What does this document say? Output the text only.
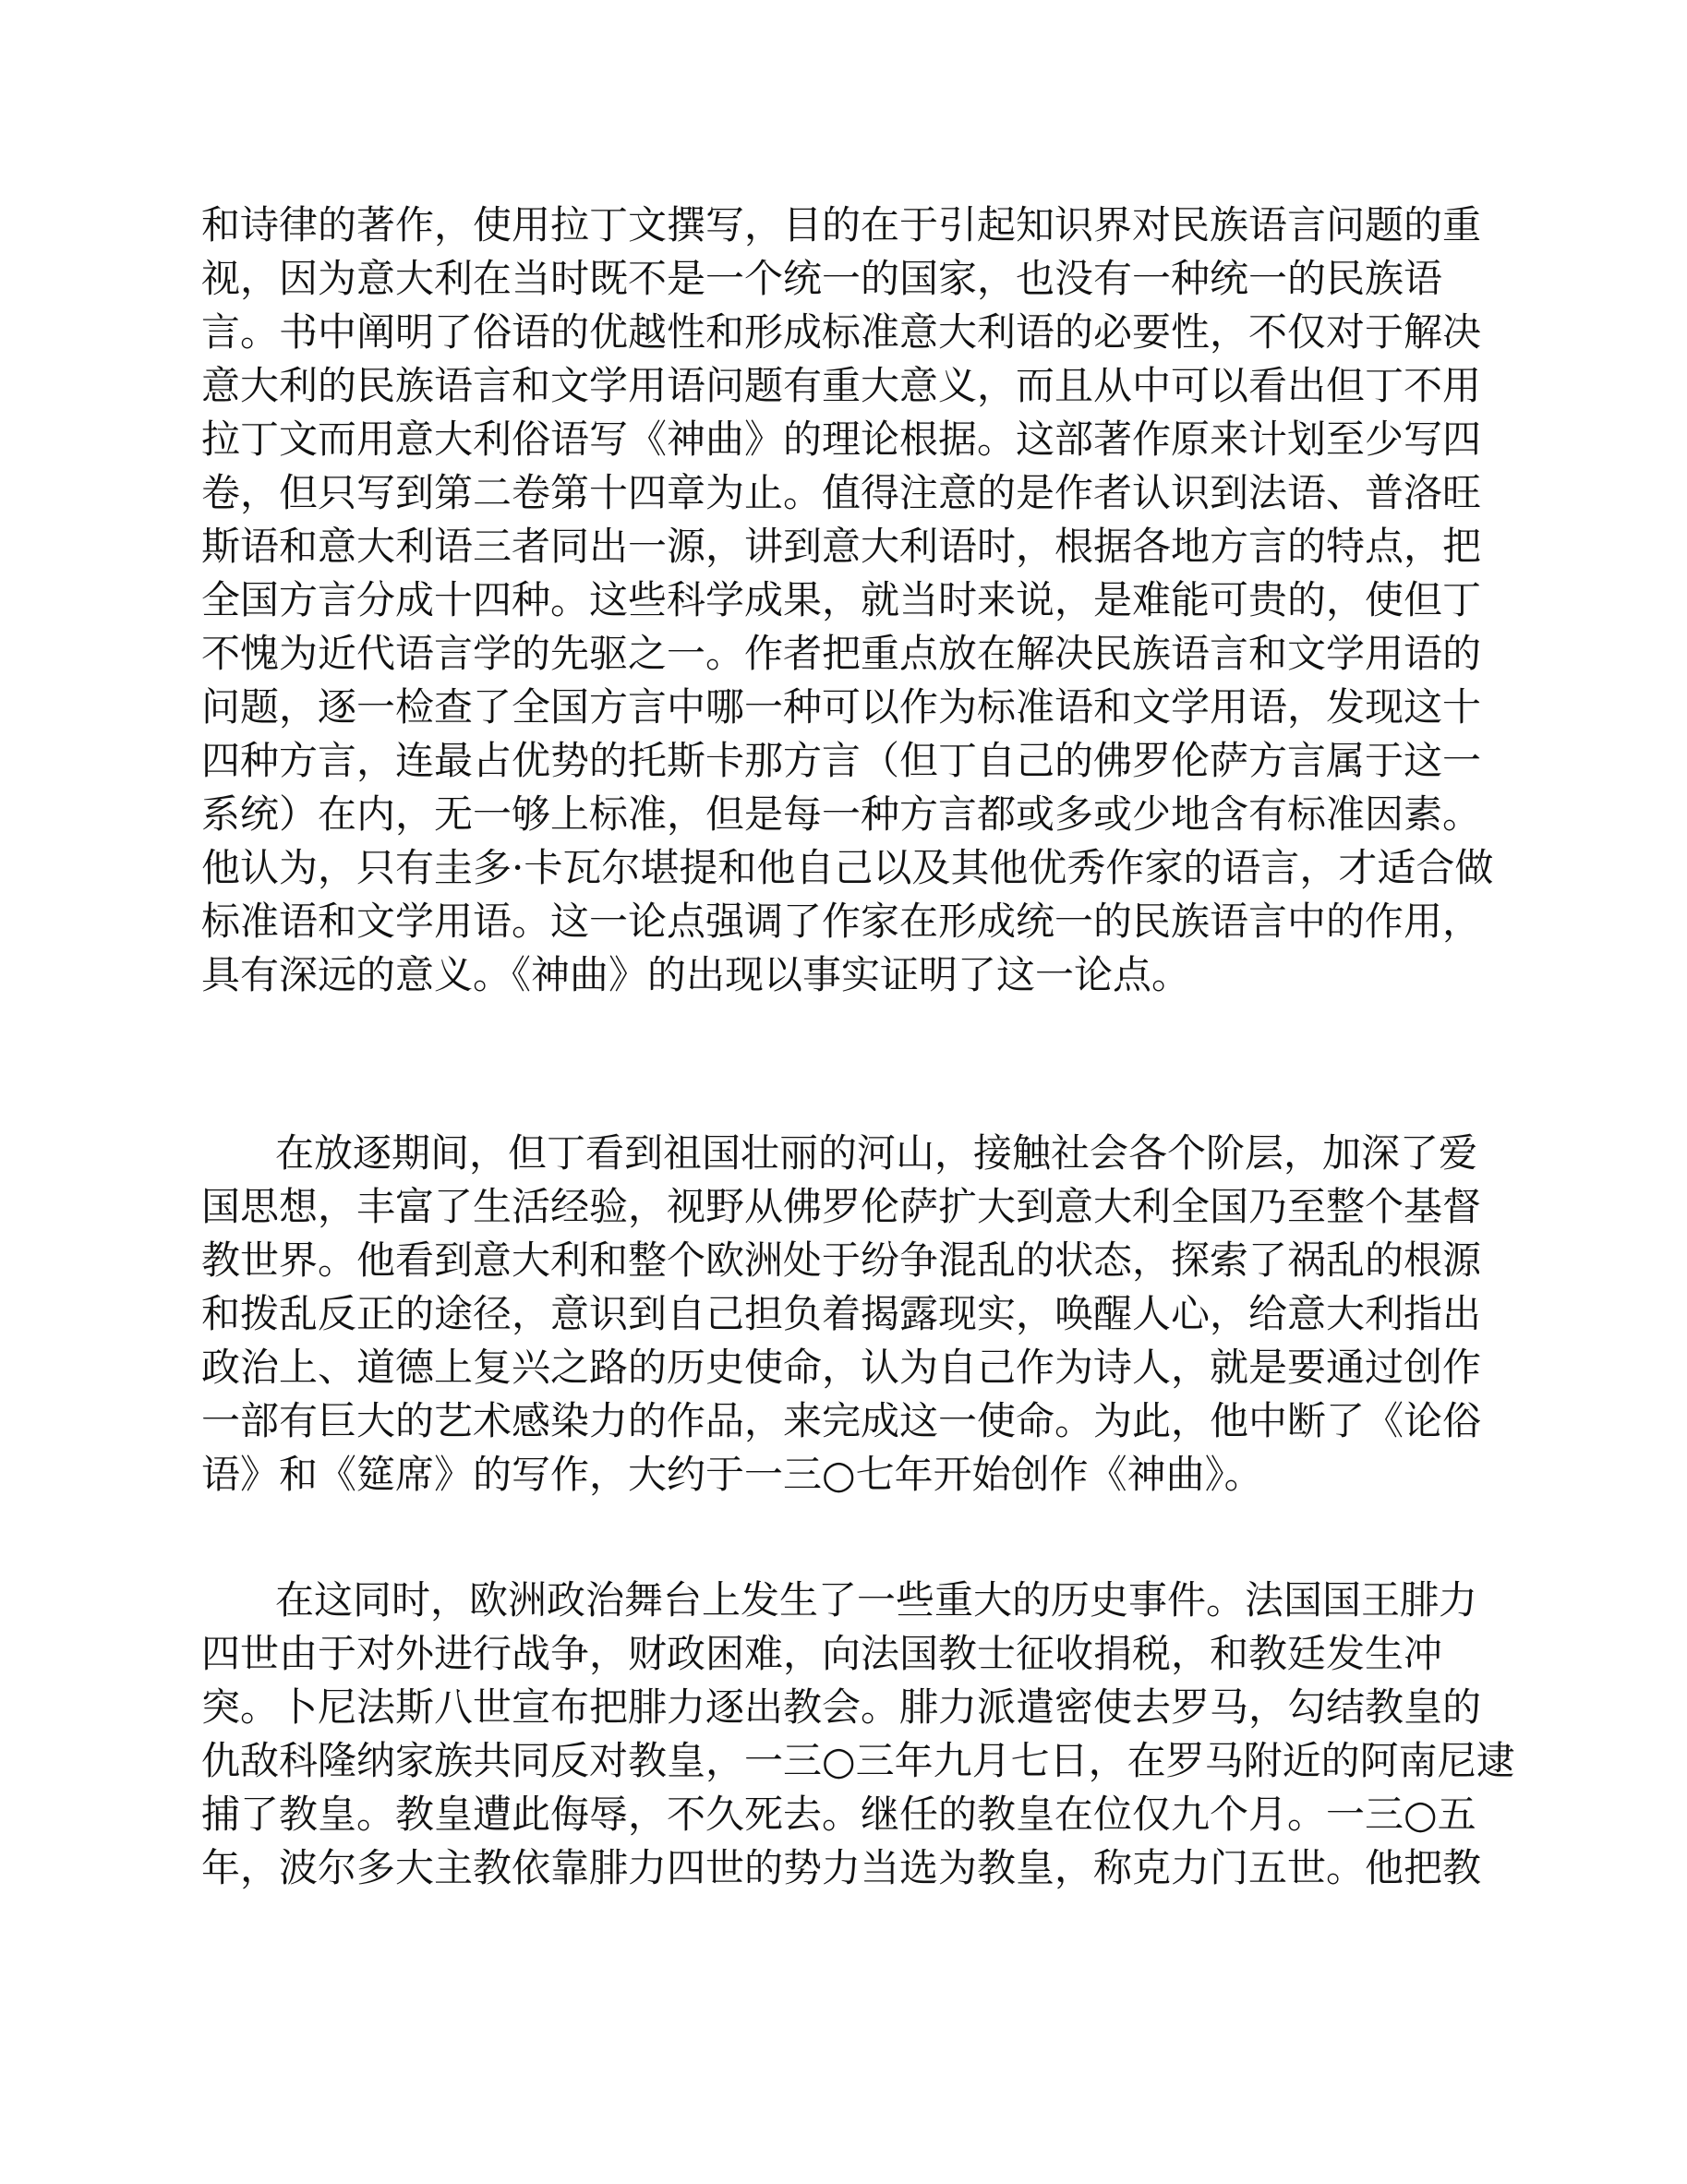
和诗律的著作，使用拉丁文撰写，目的在于引起知识界对民族语言问题的重
视，因为意大利在当时既不是一个统一的国家，也没有一种统一的民族语
言。书中阐明了俗语的优越性和形成标准意大利语的必要性，不仅对于解决
意大利的民族语言和文学用语问题有重大意义，而且从中可以看出但丁不用
拉丁文而用意大利俗语写《神曲》的理论根据。这部著作原来计划至少写四
卷，但只写到第二卷第十四章为止。值得注意的是作者认识到法语、普洛旺
斯语和意大利语三者同出一源，讲到意大利语时，根据各地方言的特点，把
全国方言分成十四种。这些科学成果，就当时来说，是难能可贵的，使但丁
不愧为近代语言学的先驱之一。作者把重点放在解决民族语言和文学用语的
问题，逐一检查了全国方言中哪一种可以作为标准语和文学用语，发现这十
四种方言，连最占优势的托斯卡那方言（但丁自己的佛罗伦萨方言属于这一
系统）在内，无一够上标准，但是每一种方言都或多或少地含有标准因素。
他认为，只有圭多·卡瓦尔堪提和他自己以及其他优秀作家的语言，才适合做
标准语和文学用语。这一论点强调了作家在形成统一的民族语言中的作用，
具有深远的意义。《神曲》的出现以事实证明了这一论点。
在放逐期间，但丁看到祖国壮丽的河山，接触社会各个阶层，加深了爱
国思想，丰富了生活经验，视野从佛罗伦萨扩大到意大利全国乃至整个基督
教世界。他看到意大利和整个欧洲处于纷争混乱的状态，探索了祸乱的根源
和拨乱反正的途径，意识到自己担负着揭露现实，唤醒人心，给意大利指出
政治上、道德上复兴之路的历史使命，认为自己作为诗人，就是要通过创作
一部有巨大的艺术感染力的作品，来完成这一使命。为此，他中断了《论俗
语》和《筵席》的写作，大约于一三○七年开始创作《神曲》。
在这同时，欧洲政治舞台上发生了一些重大的历史事件。法国国王腓力
四世由于对外进行战争，财政困难，向法国教士征收捐税，和教廷发生冲
突。卜尼法斯八世宣布把腓力逐出教会。腓力派遣密使去罗马，勾结教皇的
仇敌科隆纳家族共同反对教皇，一三○三年九月七日，在罗马附近的阿南尼逮
捕了教皇。教皇遭此侮辱，不久死去。继任的教皇在位仅九个月。一三○五
年，波尔多大主教依靠腓力四世的势力当选为教皇，称克力门五世。他把教
